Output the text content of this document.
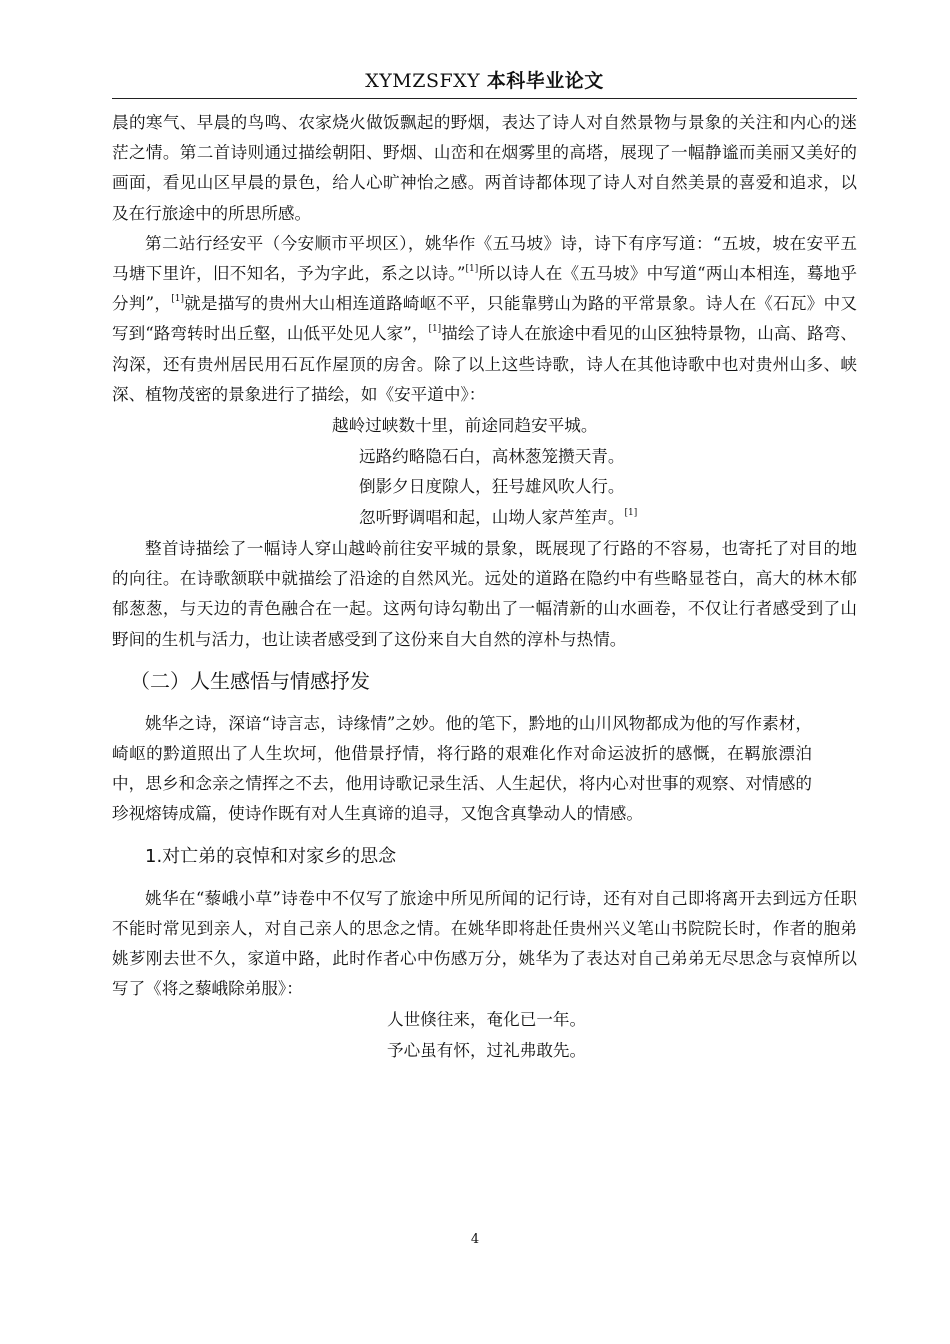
XYMZSFXY 本科毕业论文

晨的寒气、早晨的鸟鸣、农家烧火做饭飘起的野烟，表达了诗人对自然景物与景象的关注和内心的迷茫之情。第二首诗则通过描绘朝阳、野烟、山峦和在烟雾里的高塔，展现了一幅静谧而美丽又美好的画面，看见山区早晨的景色，给人心旷神怡之感。两首诗都体现了诗人对自然美景的喜爱和追求，以及在行旅途中的所思所感。

第二站行经安平（今安顺市平坝区），姚华作《五马坡》诗，诗下有序写道：“五坡，坡在安平五马塘下里许，旧不知名，予为字此，系之以诗。”[1]所以诗人在《五马坡》中写道“两山本相连，蓦地乎分判”，[1]就是描写的贵州大山相连道路崎岖不平，只能靠劈山为路的平常景象。诗人在《石瓦》中又写到“路弯转时出丘壑，山低平处见人家”，[1]描绘了诗人在旅途中看见的山区独特景物，山高、路弯、沟深，还有贵州居民用石瓦作屋顶的房舍。除了以上这些诗歌，诗人在其他诗歌中也对贵州山多、峡深、植物茂密的景象进行了描绘，如《安平道中》：

越岭过峡数十里，前途同趋安平城。

远路约略隐石白，高林葱笼攒天青。

倒影夕日度隙人，狂号雄风吹人行。

忽听野调唱和起，山坳人家芦笙声。[1]

整首诗描绘了一幅诗人穿山越岭前往安平城的景象，既展现了行路的不容易，也寄托了对目的地的向往。在诗歌颔联中就描绘了沿途的自然风光。远处的道路在隐约中有些略显苍白，高大的林木郁郁葱葱，与天边的青色融合在一起。这两句诗勾勒出了一幅清新的山水画卷，不仅让行者感受到了山野间的生机与活力，也让读者感受到了这份来自大自然的淳朴与热情。

（二）人生感悟与情感抒发

姚华之诗，深谙“诗言志，诗缘情”之妙。他的笔下，黔地的山川风物都成为他的写作素材，崎岖的黔道照出了人生坎坷，他借景抒情，将行路的艰难化作对命运波折的感慨，在羁旅漂泊中，思乡和念亲之情挥之不去，他用诗歌记录生活、人生起伏，将内心对世事的观察、对情感的珍视熔铸成篇，使诗作既有对人生真谛的追寻，又饱含真挚动人的情感。

1.对亡弟的哀悼和对家乡的思念

姚华在“藜峨小草”诗卷中不仅写了旅途中所见所闻的记行诗，还有对自己即将离开去到远方任职不能时常见到亲人，对自己亲人的思念之情。在姚华即将赴任贵州兴义笔山书院院长时，作者的胞弟姚芗刚去世不久，家道中路，此时作者心中伤感万分，姚华为了表达对自己弟弟无尽思念与哀悼所以写了《将之藜峨除弟服》：

人世倏往来，奄化已一年。

予心虽有怀，过礼弗敢先。

4
